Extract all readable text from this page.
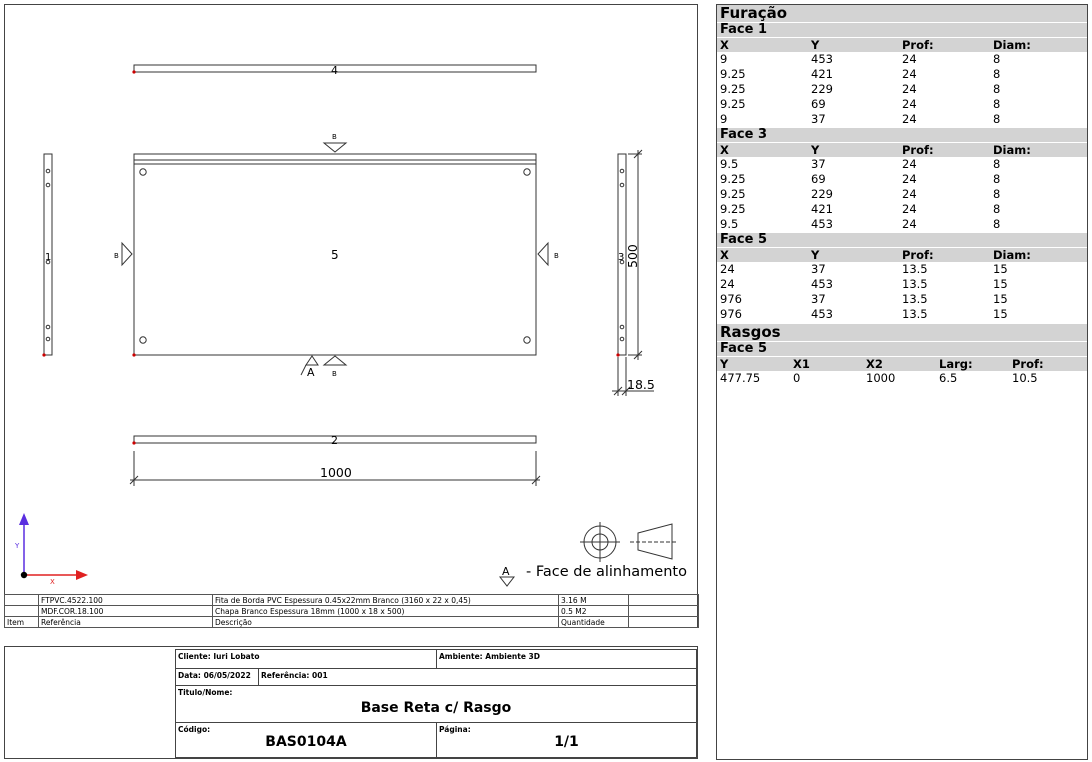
4
5
2
1	3
1000
500
18.5
B
B
B	B
A
Y
X
A - Face de alinhamento
	FTPVC.4522.100	Fita de Borda PVC Espessura 0.45x22mm Branco (3160 x 22 x 0,45)	3.16 M	
	MDF.COR.18.100	Chapa Branco Espessura 18mm (1000 x 18 x 500)	0.5 M2	
Item	Referência	Descrição	Quantidade	
Cliente: Iuri Lobato	Ambiente: Ambiente 3D
Data: 06/05/2022	Referência: 001
Titulo/Nome:
Base Reta c/ Rasgo
Código:
BAS0104A
Página:
1/1
Furação
Face 1
X	Y	Prof:	Diam:
9	453	24	8
9.25	421	24	8
9.25	229	24	8
9.25	69	24	8
9	37	24	8
Face 3
X	Y	Prof:	Diam:
9.5	37	24	8
9.25	69	24	8
9.25	229	24	8
9.25	421	24	8
9.5	453	24	8
Face 5
X	Y	Prof:	Diam:
24	37	13.5	15
24	453	13.5	15
976	37	13.5	15
976	453	13.5	15
Rasgos
Face 5
Y	X1	X2	Larg:	Prof:
477.75	0	1000	6.5	10.5
